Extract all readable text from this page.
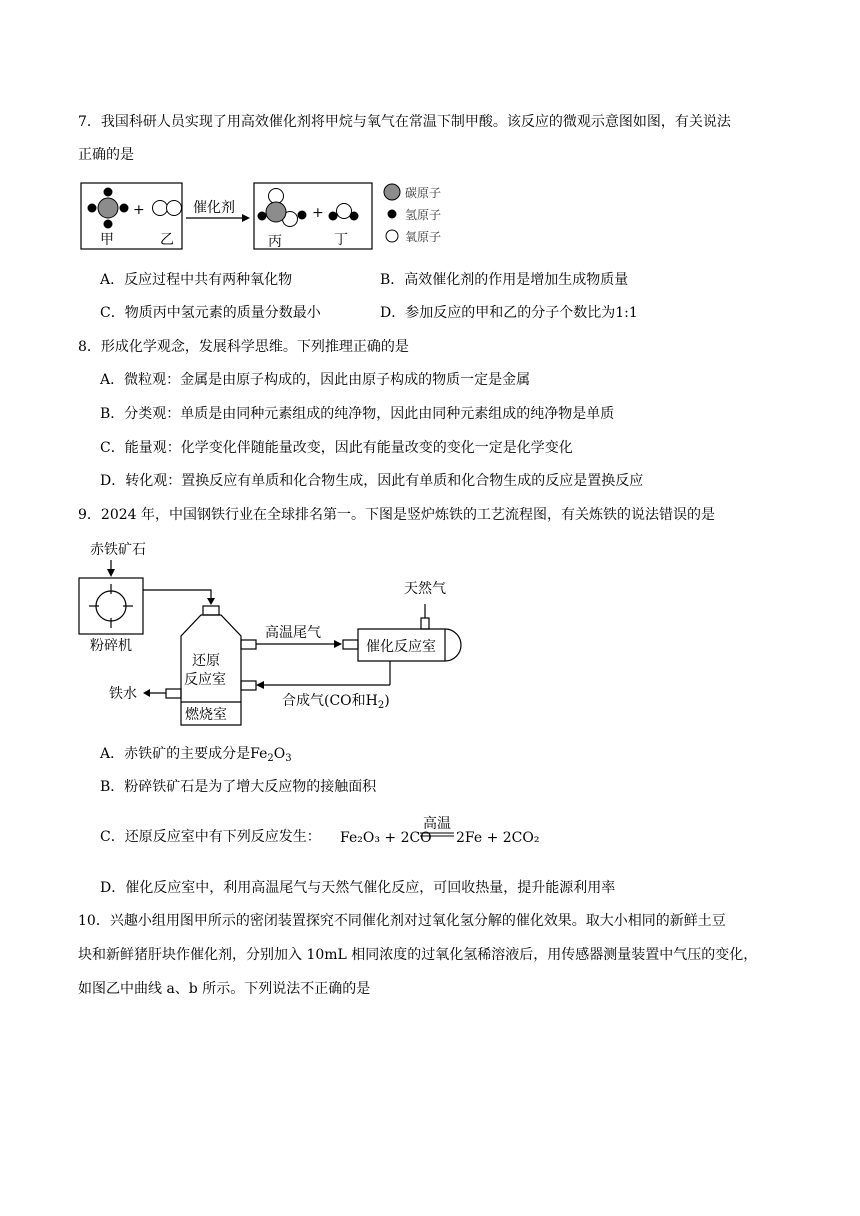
7．我国科研人员实现了用高效催化剂将甲烷与氧气在常温下制甲酸。该反应的微观示意图如图，有关说法
正确的是
+
甲	乙
催化剂	+
丙	丁
碳原子
氢原子
氧原子
A．反应过程中共有两种氧化物	B．高效催化剂的作用是增加生成物质量
C．物质丙中氢元素的质量分数最小	D．参加反应的甲和乙的分子个数比为1:1
8．形成化学观念，发展科学思维。下列推理正确的是
A．微粒观：金属是由原子构成的，因此由原子构成的物质一定是金属
B．分类观：单质是由同种元素组成的纯净物，因此由同种元素组成的纯净物是单质
C．能量观：化学变化伴随能量改变，因此有能量改变的变化一定是化学变化
D．转化观：置换反应有单质和化合物生成，因此有单质和化合物生成的反应是置换反应
9．2024 年，中国钢铁行业在全球排名第一。下图是竖炉炼铁的工艺流程图，有关炼铁的说法错误的是
赤铁矿石
粉碎机
还原
反应室
燃烧室
铁水
高温尾气
催化反应室
天然气
合成气(CO和$H_2$)
A．赤铁矿的主要成分是$Fe_2O_3$
B．粉碎铁矿石是为了增大反应物的接触面积
C．还原反应室中有下列反应发生： Fe₂O₃ + 2CO
高温
2Fe + 2CO₂
D．催化反应室中，利用高温尾气与天然气催化反应，可回收热量，提升能源利用率
10．兴趣小组用图甲所示的密闭装置探究不同催化剂对过氧化氢分解的催化效果。取大小相同的新鲜土豆
块和新鲜猪肝块作催化剂，分别加入 10mL 相同浓度的过氧化氢稀溶液后，用传感器测量装置中气压的变化，
如图乙中曲线 a、b 所示。下列说法不正确的是
